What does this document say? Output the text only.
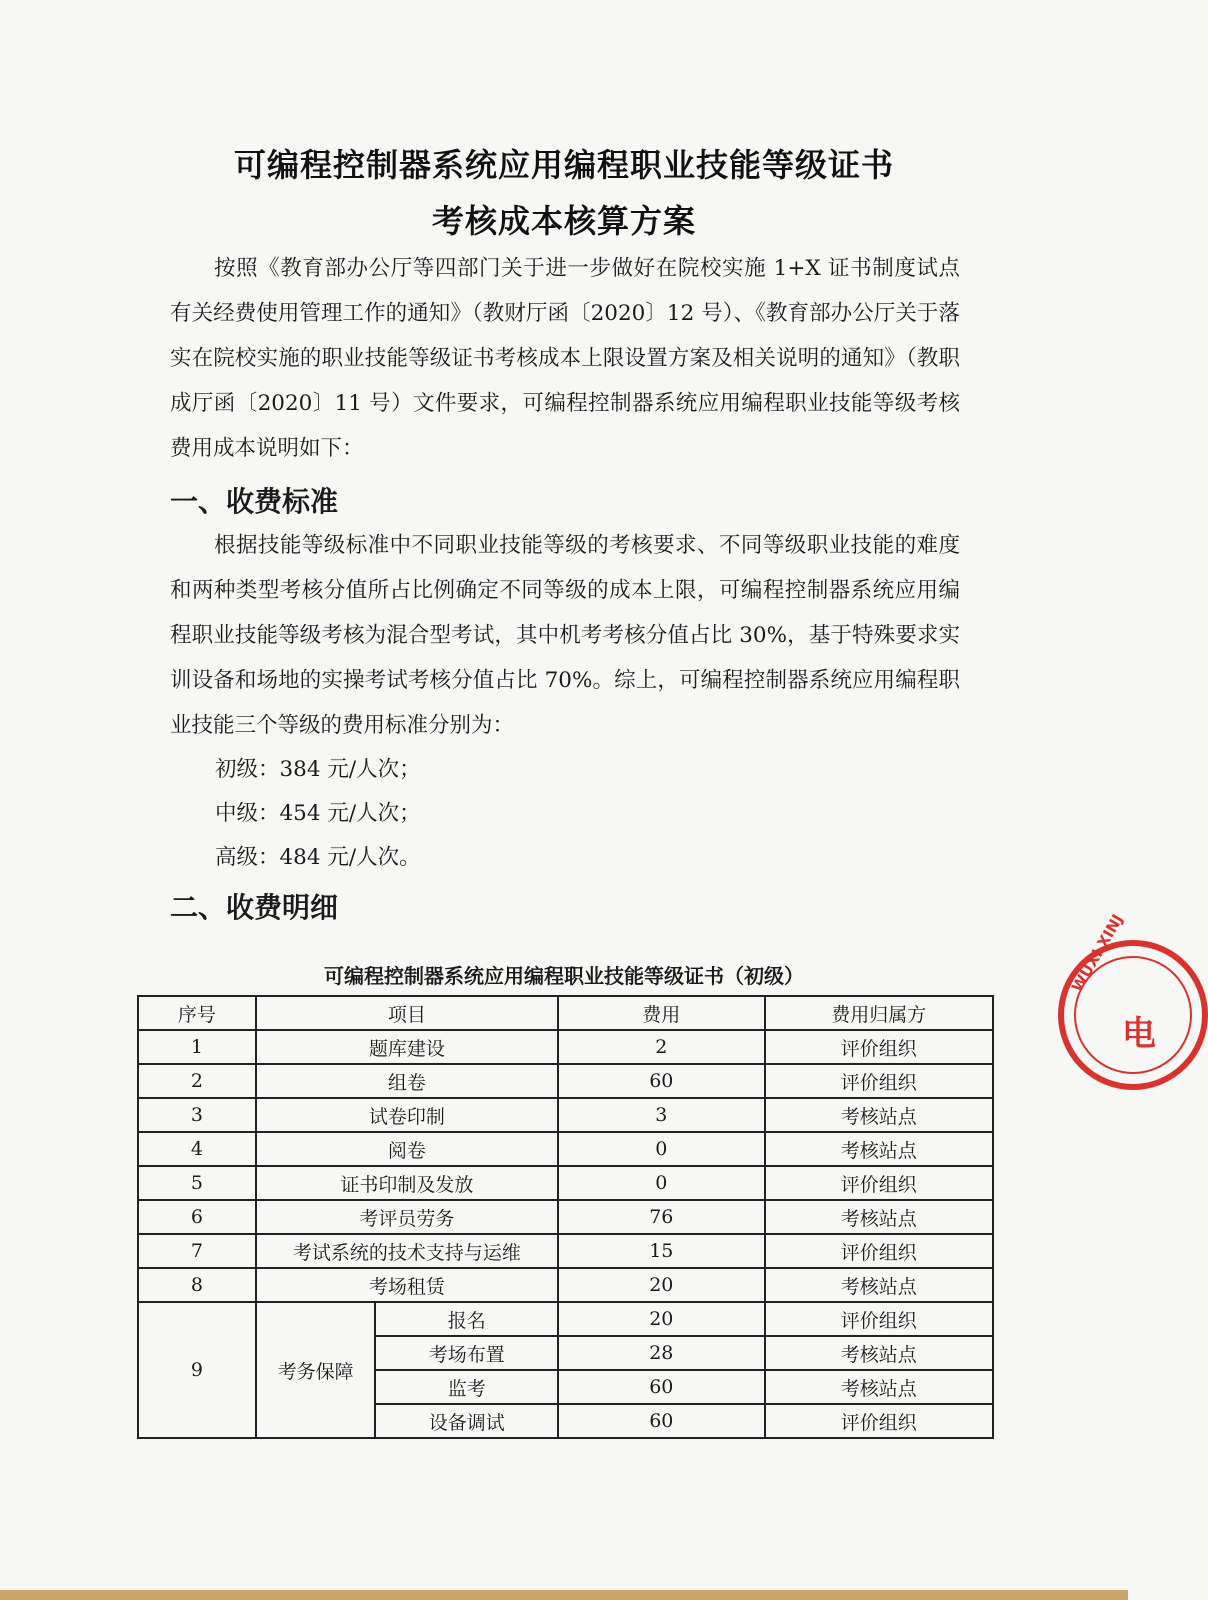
可编程控制器系统应用编程职业技能等级证书
考核成本核算方案

按照《教育部办公厅等四部门关于进一步做好在院校实施 1+X 证书制度试点有关经费使用管理工作的通知》（教财厅函〔2020〕12 号）、《教育部办公厅关于落实在院校实施的职业技能等级证书考核成本上限设置方案及相关说明的通知》（教职成厅函〔2020〕11 号）文件要求，可编程控制器系统应用编程职业技能等级考核费用成本说明如下：

一、收费标准

根据技能等级标准中不同职业技能等级的考核要求、不同等级职业技能的难度和两种类型考核分值所占比例确定不同等级的成本上限，可编程控制器系统应用编程职业技能等级考核为混合型考试，其中机考考核分值占比 30%，基于特殊要求实训设备和场地的实操考试考核分值占比 70%。综上，可编程控制器系统应用编程职业技能三个等级的费用标准分别为：

初级：384 元/人次；
中级：454 元/人次；
高级：484 元/人次。
二、收费明细
可编程控制器系统应用编程职业技能等级证书（初级）
序号	项目		费用	费用归属方
1	题库建设		2	评价组织
2	组卷		60	评价组织
3	试卷印制		3	考核站点
4	阅卷		0	考核站点
5	证书印制及发放		0	评价组织
6	考评员劳务		76	考核站点
7	考试系统的技术支持与运维		15	评价组织
8	考场租赁		20	考核站点
9	考务保障	报名	20	评价组织
		考场布置	28	考核站点
		监考	60	考核站点
		设备调试	60	评价组织
WUXI XINJ
电
